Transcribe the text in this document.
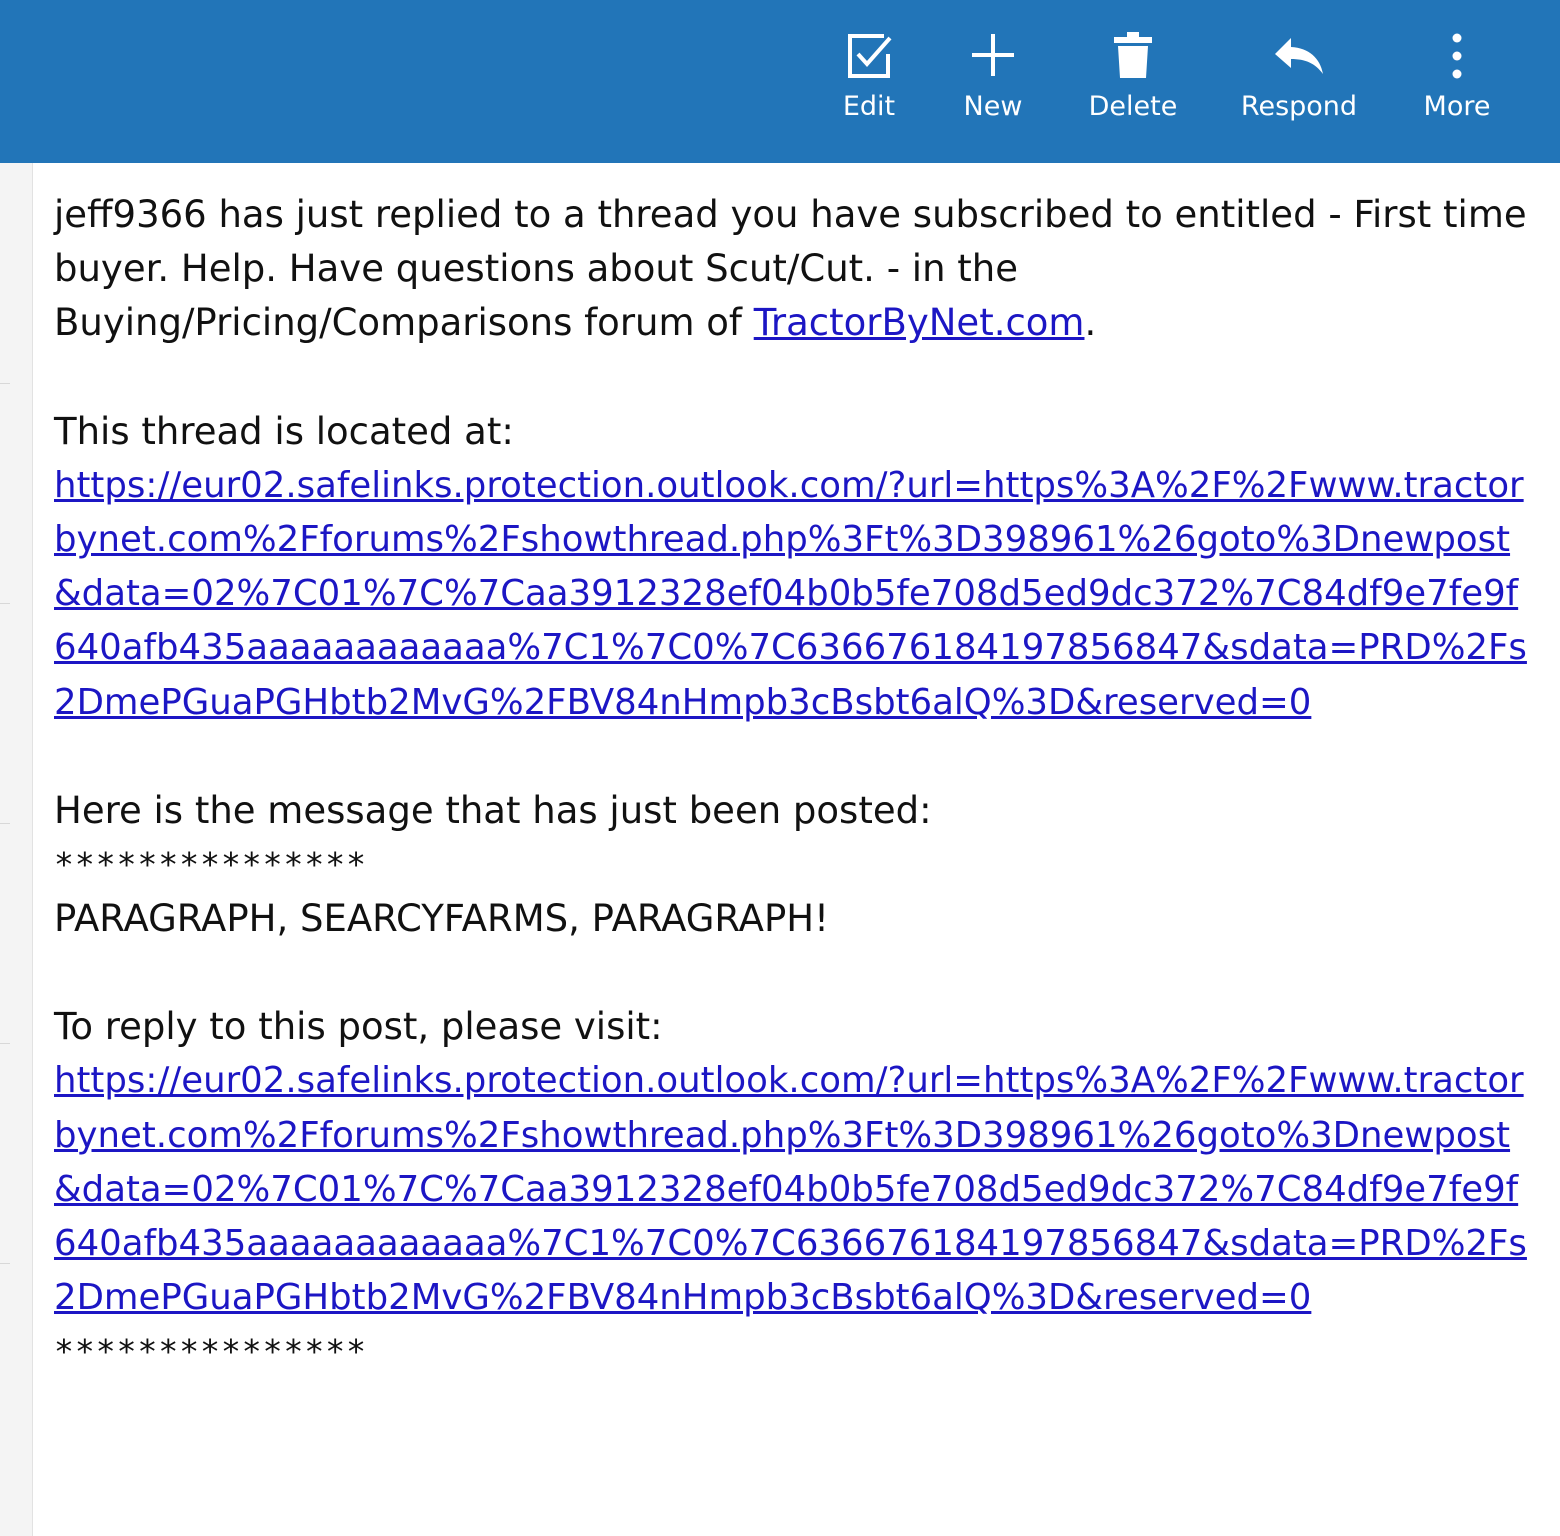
Edit	New	Delete	Respond	More

jeff9366 has just replied to a thread you have subscribed to entitled - First time buyer. Help. Have questions about Scut/Cut. - in the Buying/Pricing/Comparisons forum of TractorByNet.com.

This thread is located at:

https://eur02.safelinks.protection.outlook.com/?url=https%3A%2F%2Fwww.tractorbynet.com%2Fforums%2Fshowthread.php%3Ft%3D398961%26goto%3Dnewpost&data=02%7C01%7C%7Caa3912328ef04b0b5fe708d5ed9dc372%7C84df9e7fe9f640afb435aaaaaaaaaaaa%7C1%7C0%7C636676184197856847&sdata=PRD%2Fs2DmePGuaPGHbtb2MvG%2FBV84nHmpb3cBsbt6alQ%3D&reserved=0

Here is the message that has just been posted:

***************

PARAGRAPH, SEARCYFARMS, PARAGRAPH!

To reply to this post, please visit:

https://eur02.safelinks.protection.outlook.com/?url=https%3A%2F%2Fwww.tractorbynet.com%2Fforums%2Fshowthread.php%3Ft%3D398961%26goto%3Dnewpost&data=02%7C01%7C%7Caa3912328ef04b0b5fe708d5ed9dc372%7C84df9e7fe9f640afb435aaaaaaaaaaaa%7C1%7C0%7C636676184197856847&sdata=PRD%2Fs2DmePGuaPGHbtb2MvG%2FBV84nHmpb3cBsbt6alQ%3D&reserved=0

***************
